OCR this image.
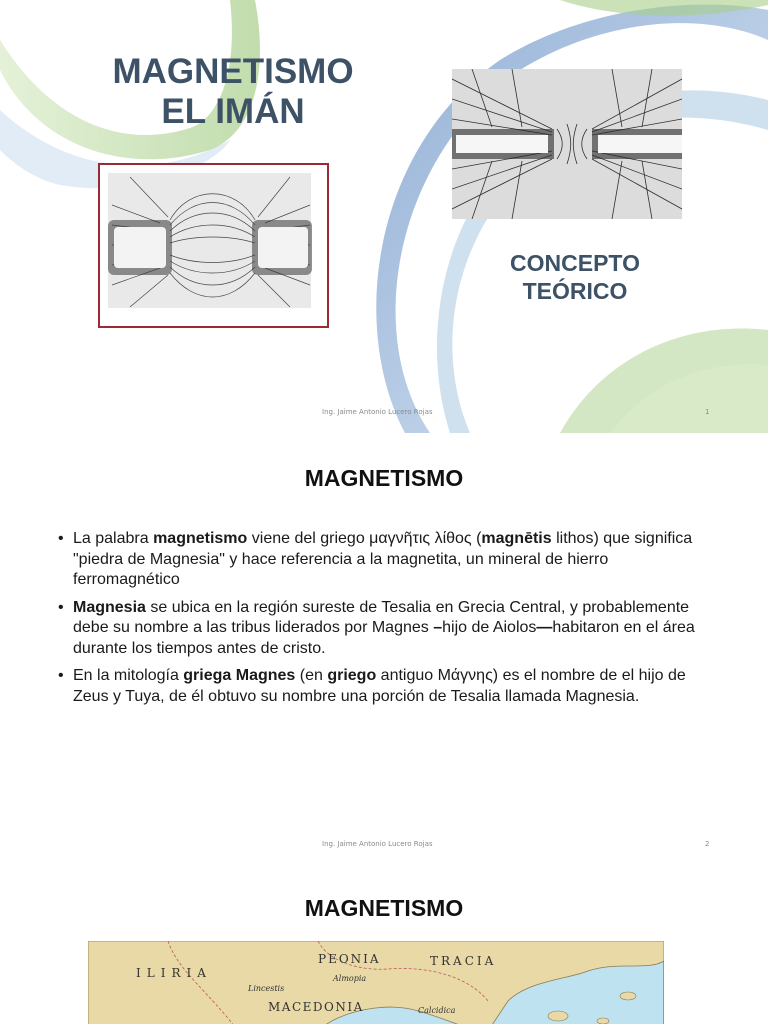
MAGNETISMO
EL IMÁN
CONCEPTO
TEÓRICO
Ing. Jaime Antonio Lucero Rojas	1
MAGNETISMO
• La palabra magnetismo viene del griego μαγνῆτις λίθος (magnētis lithos) que significa "piedra de Magnesia" y hace referencia a la magnetita, un mineral de hierro ferromagnético
• Magnesia se ubica en la región sureste de Tesalia en Grecia Central, y probablemente debe su nombre a las tribus liderados por Magnes –hijo de Aiolos—habitaron en el área durante los tiempos antes de cristo.
• En la mitología griega Magnes (en griego antiguo Μάγνης) es el nombre de el hijo de Zeus y Tuya, de él obtuvo su nombre una porción de Tesalia llamada Magnesia.
Ing. Jaime Antonio Lucero Rojas	2
MAGNETISMO
PEONIA	TRACIA
ILIRIA
Lincestis
Almopia
MACEDONIA	Calcidica
